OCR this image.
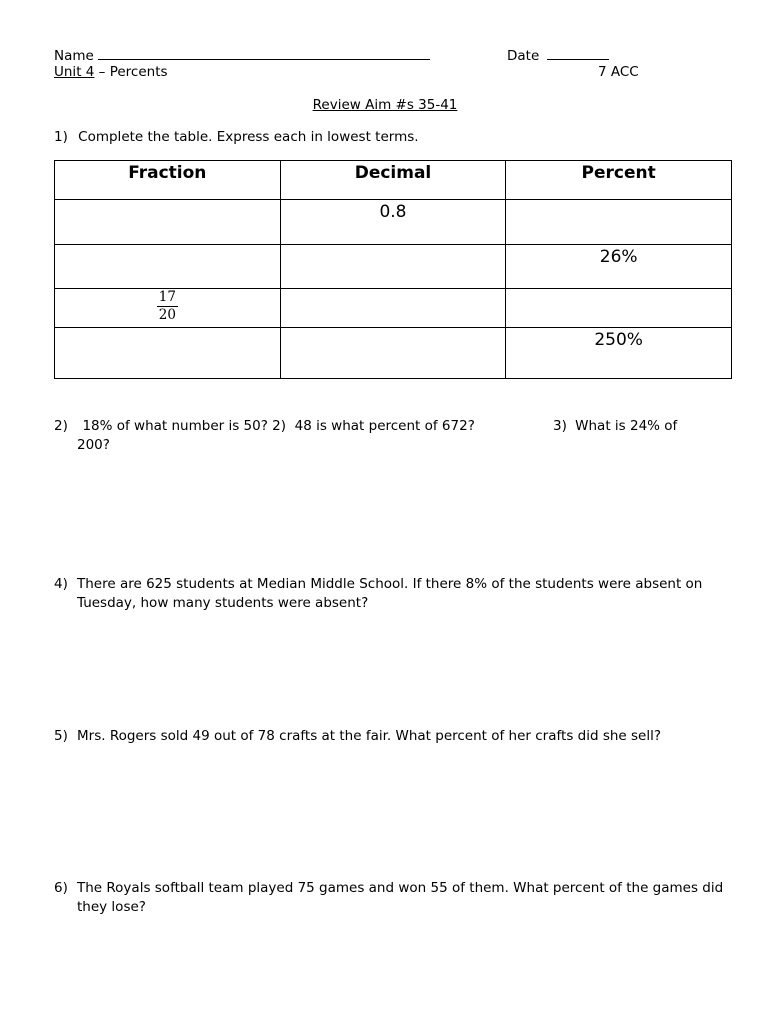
Name	Date
Unit 4 – Percents	7 ACC
Review Aim #s 35-41
1) Complete the table. Express each in lowest terms.
Fraction	Decimal	Percent

	0.8	

		26%

$\frac{17}{20}$

		250%
2)  18% of what number is 50? 2)  48 is what percent of 672?	3) What is 24% of
200?
4) There are 625 students at Median Middle School. If there 8% of the students were absent on Tuesday, how many students were absent?
5) Mrs. Rogers sold 49 out of 78 crafts at the fair. What percent of her crafts did she sell?
6) The Royals softball team played 75 games and won 55 of them. What percent of the games did they lose?
